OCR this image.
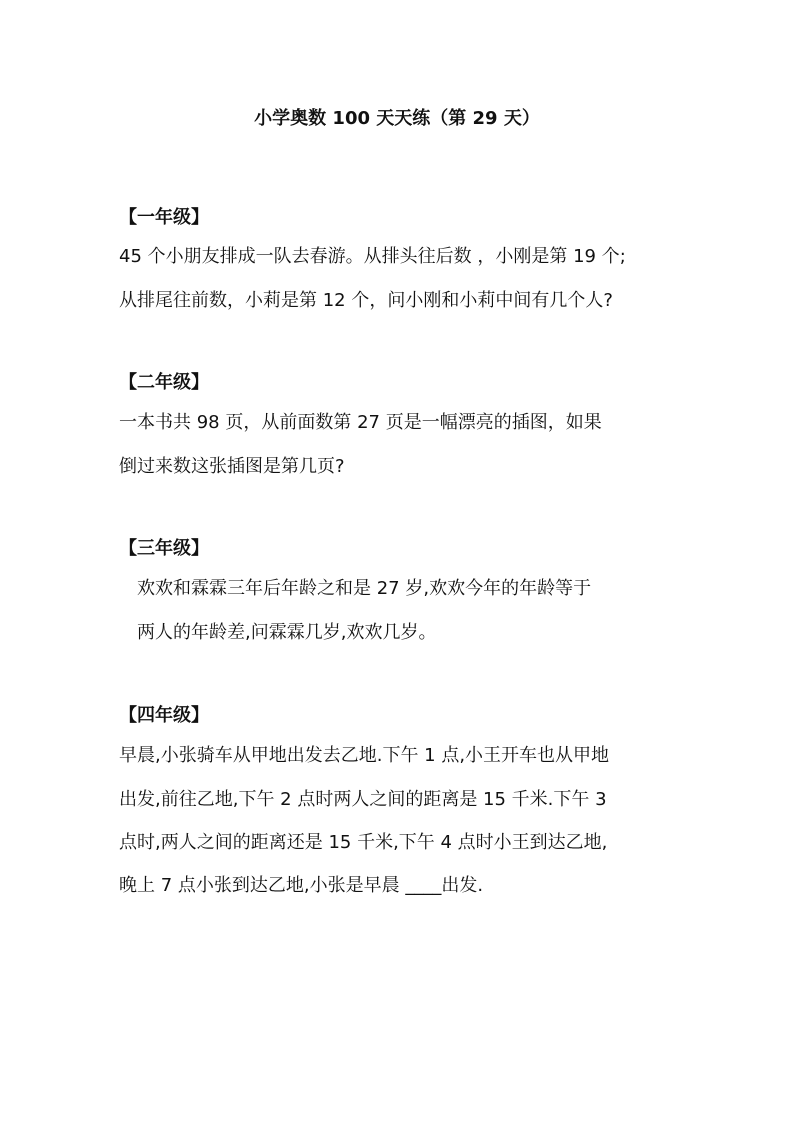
小学奥数 100 天天练（第 29 天）
【一年级】
45 个小朋友排成一队去春游。从排头往后数 ，小刚是第 19 个;
从排尾往前数，小莉是第 12 个，问小刚和小莉中间有几个人?
【二年级】
一本书共 98 页，从前面数第 27 页是一幅漂亮的插图，如果
倒过来数这张插图是第几页?
【三年级】
欢欢和霖霖三年后年龄之和是 27 岁,欢欢今年的年龄等于
两人的年龄差,问霖霖几岁,欢欢几岁。
【四年级】
早晨,小张骑车从甲地出发去乙地.下午 1 点,小王开车也从甲地
出发,前往乙地,下午 2 点时两人之间的距离是 15 千米.下午 3
点时,两人之间的距离还是 15 千米,下午 4 点时小王到达乙地,
晚上 7 点小张到达乙地,小张是早晨 ____出发.
